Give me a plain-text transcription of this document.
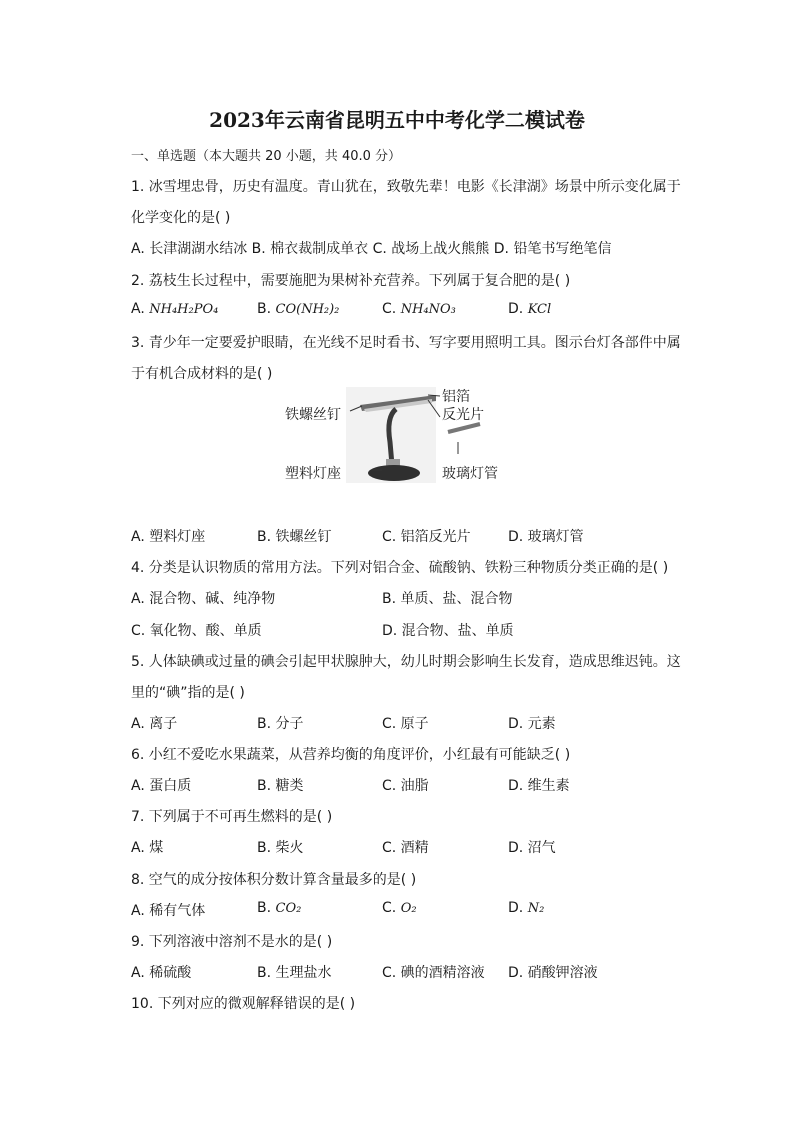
2023年云南省昆明五中中考化学二模试卷
一、单选题（本大题共 20 小题，共 40.0 分）
1. 冰雪埋忠骨，历史有温度。青山犹在，致敬先辈！电影《长津湖》场景中所示变化属于
化学变化的是( )
A. 长津湖湖水结冰 B. 棉衣裁制成单衣 C. 战场上战火熊熊 D. 铅笔书写绝笔信
2. 荔枝生长过程中，需要施肥为果树补充营养。下列属于复合肥的是( )
A. NH₄H₂PO₄	B. CO(NH₂)₂	C. NH₄NO₃	D. KCl
3. 青少年一定要爱护眼睛，在光线不足时看书、写字要用照明工具。图示台灯各部件中属
于有机合成材料的是( )
铁螺丝钉
塑料灯座
铝箔
反光片
玻璃灯管
A. 塑料灯座	B. 铁螺丝钉	C. 铝箔反光片	D. 玻璃灯管
4. 分类是认识物质的常用方法。下列对铝合金、硫酸钠、铁粉三种物质分类正确的是( )
A. 混合物、碱、纯净物	B. 单质、盐、混合物
C. 氧化物、酸、单质	D. 混合物、盐、单质
5. 人体缺碘或过量的碘会引起甲状腺肿大，幼儿时期会影响生长发育，造成思维迟钝。这
里的“碘”指的是( )
A. 离子	B. 分子	C. 原子	D. 元素
6. 小红不爱吃水果蔬菜，从营养均衡的角度评价，小红最有可能缺乏( )
A. 蛋白质	B. 糖类	C. 油脂	D. 维生素
7. 下列属于不可再生燃料的是( )
A. 煤	B. 柴火	C. 酒精	D. 沼气
8. 空气的成分按体积分数计算含量最多的是( )
A. 稀有气体	B. CO₂	C. O₂	D. N₂
9. 下列溶液中溶剂不是水的是( )
A. 稀硫酸	B. 生理盐水	C. 碘的酒精溶液 D. 硝酸钾溶液
10. 下列对应的微观解释错误的是( )
